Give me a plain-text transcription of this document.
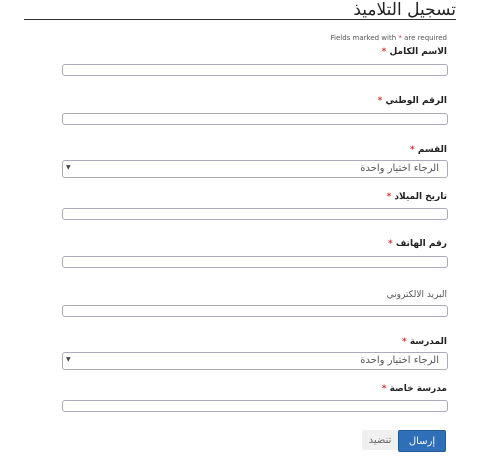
تسجيل التلاميذ
Fields marked with * are required
الاسم الكامل *
الرقم الوطني *
القسم *
▼	الرجاء اختيار واحدة
تاريخ الميلاد *
رقم الهاتف *
البريد الالكتروني
المدرسة *
▼	الرجاء اختيار واحدة
مدرسة خاصة *
تنضيد	إرسال
